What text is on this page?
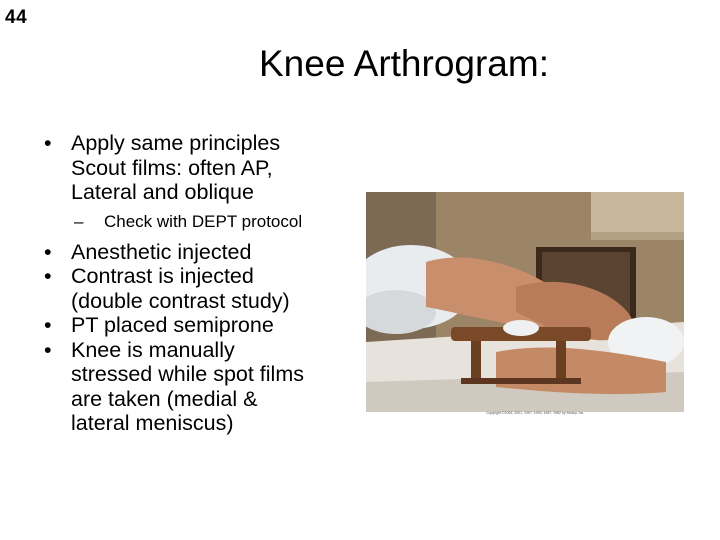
44
Knee Arthrogram:
• Apply same principles
Scout films: often AP,
Lateral and oblique
– Check with DEPT protocol
• Anesthetic injected
• Contrast is injected
(double contrast study)
• PT placed semiprone
• Knee is manually
stressed while spot films
are taken (medial &
lateral meniscus)	Copyright ©2005, 2001, 1997, 1993, 1987, 1982 by Mosby, Inc.
